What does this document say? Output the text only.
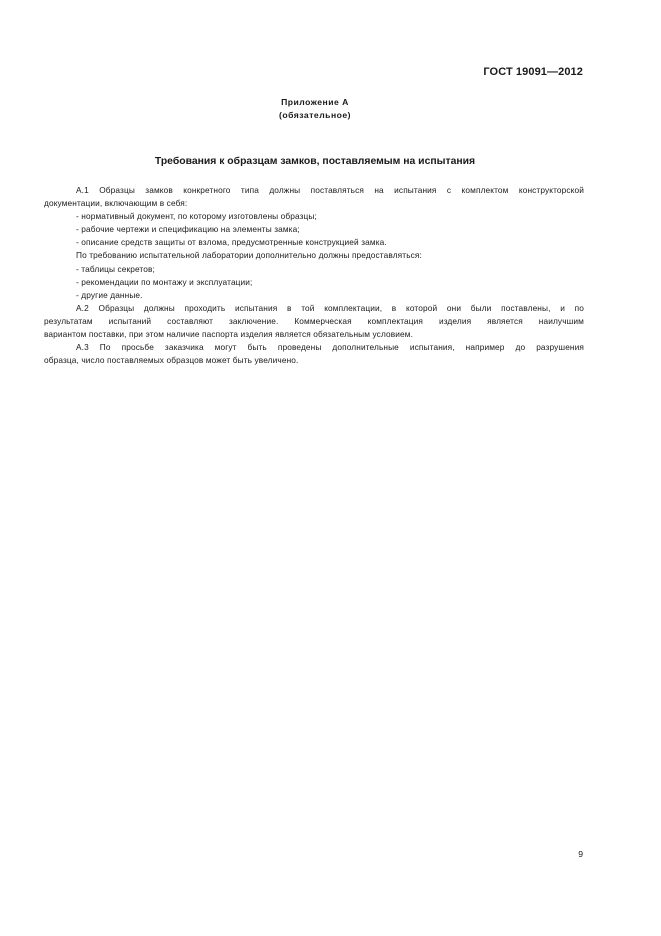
ГОСТ 19091—2012
Приложение А
(обязательное)
Требования к образцам замков, поставляемым на испытания
А.1 Образцы замков конкретного типа должны поставляться на испытания с комплектом конструкторской
документации, включающим в себя:
- нормативный документ, по которому изготовлены образцы;
- рабочие чертежи и спецификацию на элементы замка;
- описание средств защиты от взлома, предусмотренные конструкцией замка.
По требованию испытательной лаборатории дополнительно должны предоставляться:
- таблицы секретов;
- рекомендации по монтажу и эксплуатации;
- другие данные.
А.2 Образцы должны проходить испытания в той комплектации, в которой они были поставлены, и по
результатам испытаний составляют заключение. Коммерческая комплектация изделия является наилучшим
вариантом поставки, при этом наличие паспорта изделия является обязательным условием.
А.3 По просьбе заказчика могут быть проведены дополнительные испытания, например до разрушения
образца, число поставляемых образцов может быть увеличено.
9
